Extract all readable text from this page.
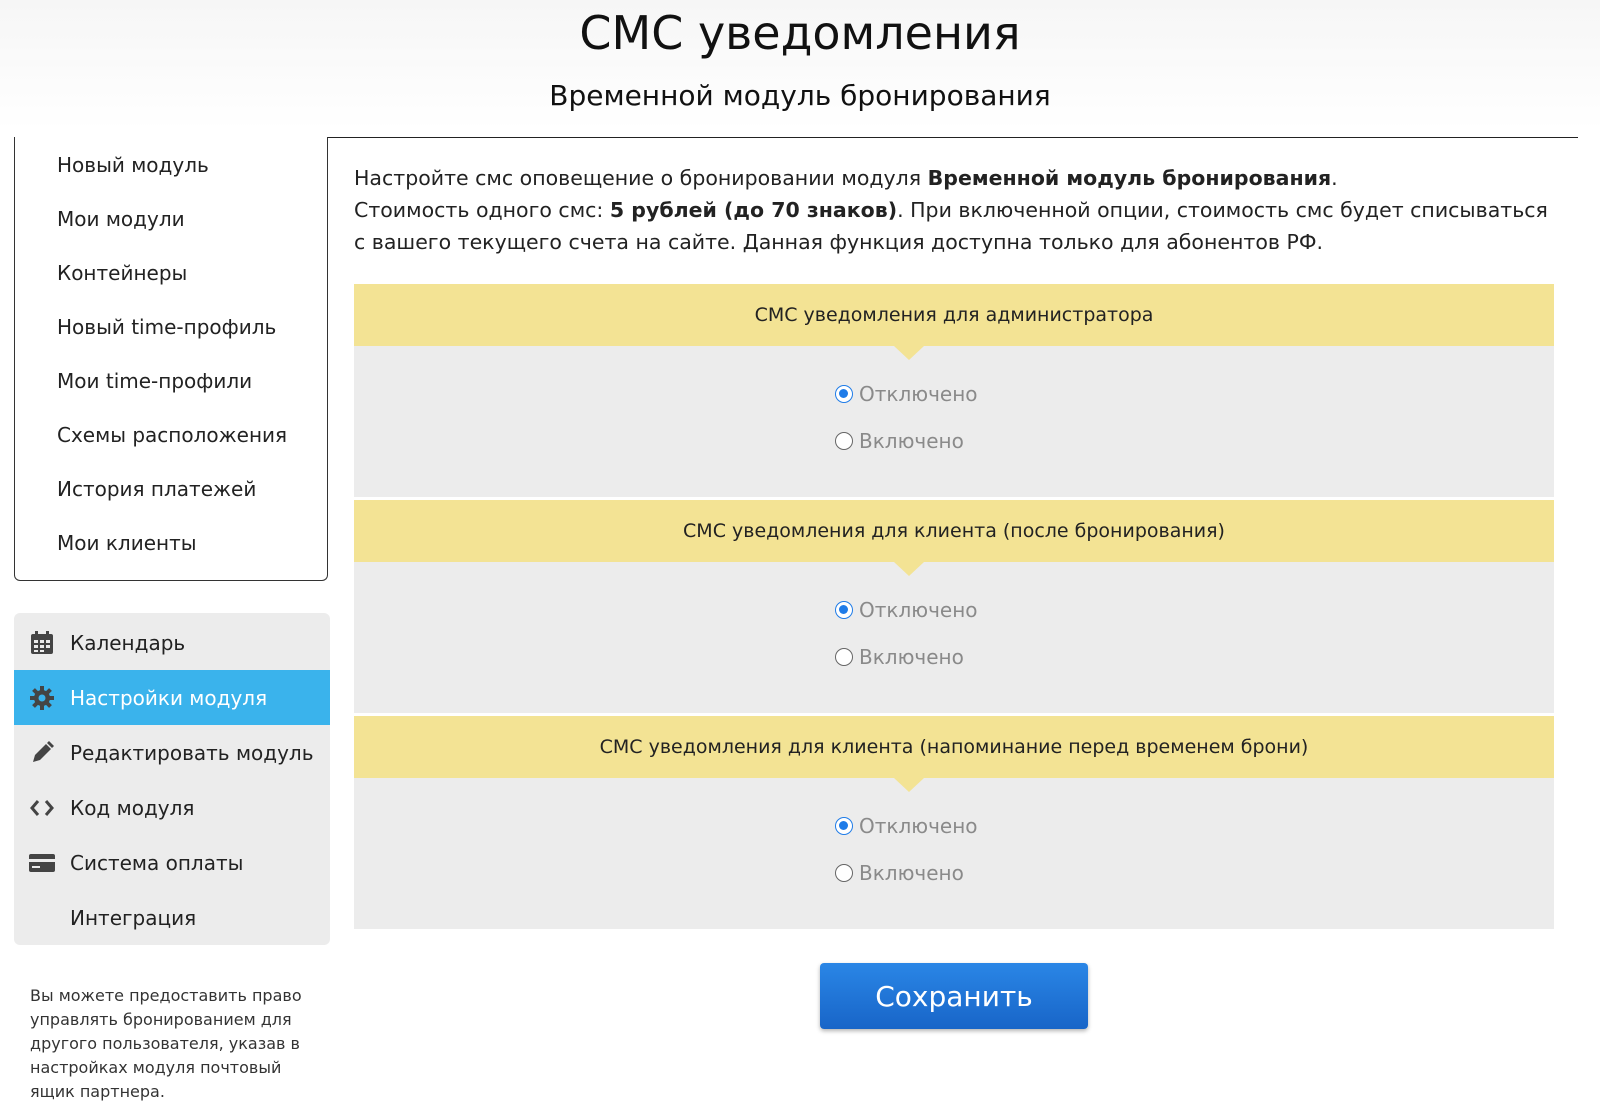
СМС уведомления
Временной модуль бронирования
Новый модуль
Мои модули
Контейнеры
Новый time-профиль
Мои time-профили
Схемы расположения
История платежей
Мои клиенты
Календарь
Настройки модуля
Редактировать модуль
Код модуля
Система оплаты
Интеграция
Вы можете предоставить право управлять бронированием для другого пользователя, указав в настройках модуля почтовый ящик партнера.
Настройте смс оповещение о бронировании модуля Временной модуль бронирования.
Стоимость одного смс: 5 рублей (до 70 знаков). При включенной опции, стоимость смс будет списываться с вашего текущего счета на сайте. Данная функция доступна только для абонентов РФ.
СМС уведомления для администратора
Отключено
Включено
СМС уведомления для клиента (после бронирования)
Отключено
Включено
СМС уведомления для клиента (напоминание перед временем брони)
Отключено
Включено
Сохранить
